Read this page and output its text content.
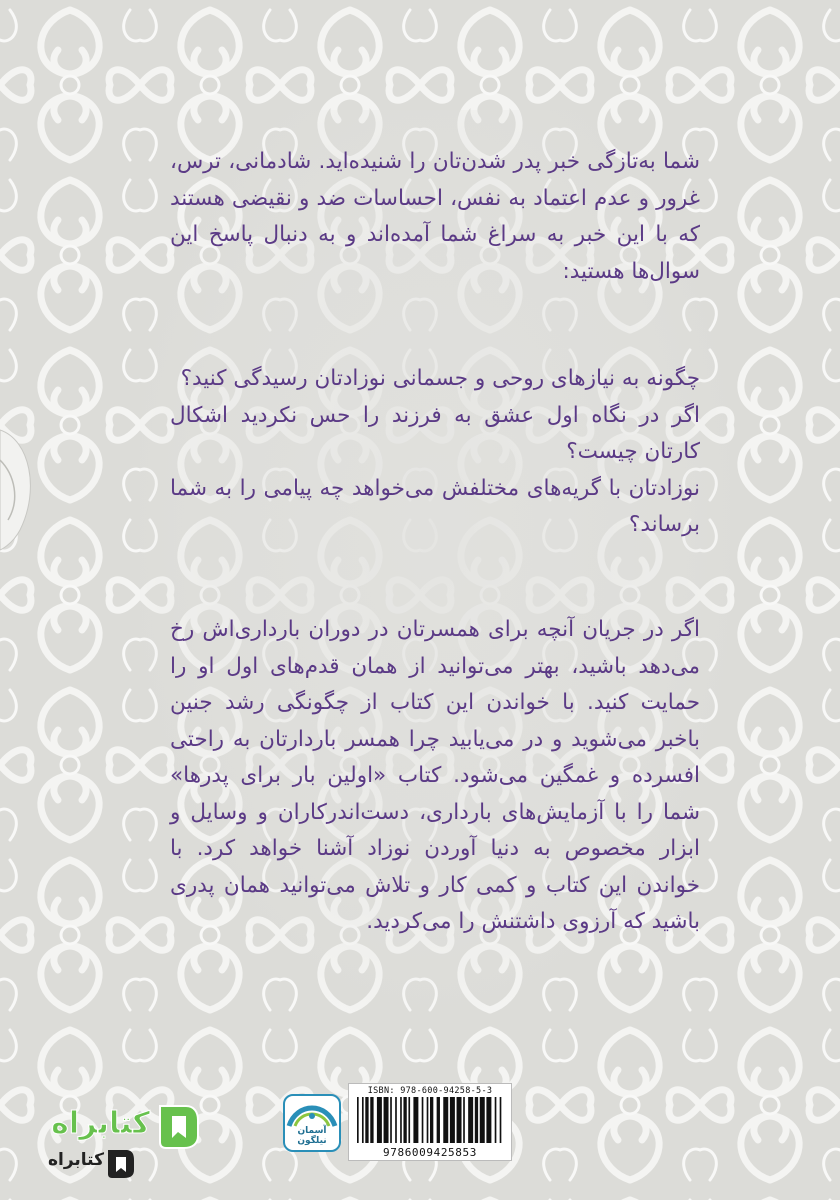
شما به‌تازگی خبر پدر شدن‌تان را شنیده‌اید. شادمانی، ترس، غرور و عدم اعتماد به نفس، احساسات ضد و نقیضی هستند که با این خبر به سراغ شما آمده‌اند و به دنبال پاسخ این سوال‌ها هستید:

چگونه به نیازهای روحی و جسمانی نوزادتان رسیدگی کنید؟

اگر در نگاه اول عشق به فرزند را حس نکردید اشکال کارتان چیست؟

نوزادتان با گریه‌های مختلفش می‌خواهد چه پیامی را به شما برساند؟

اگر در جریان آنچه برای همسرتان در دوران بارداری‌اش رخ می‌دهد باشید، بهتر می‌توانید از همان قدم‌های اول او را حمایت کنید. با خواندن این کتاب از چگونگی رشد جنین باخبر می‌شوید و در می‌یابید چرا همسر باردارتان به راحتی افسرده و غمگین می‌شود. کتاب «اولین بار برای پدرها» شما را با آزمایش‌های بارداری، دست‌اندرکاران و وسایل و ابزار مخصوص به دنیا آوردن نوزاد آشنا خواهد کرد. با خواندن این کتاب و کمی کار و تلاش می‌توانید همان پدری باشید که آرزوی داشتنش را می‌کردید.

ISBN: 978-600-94258-5-3
9786009425853
آسمان نیلگون
کتابراه
کتابراه
